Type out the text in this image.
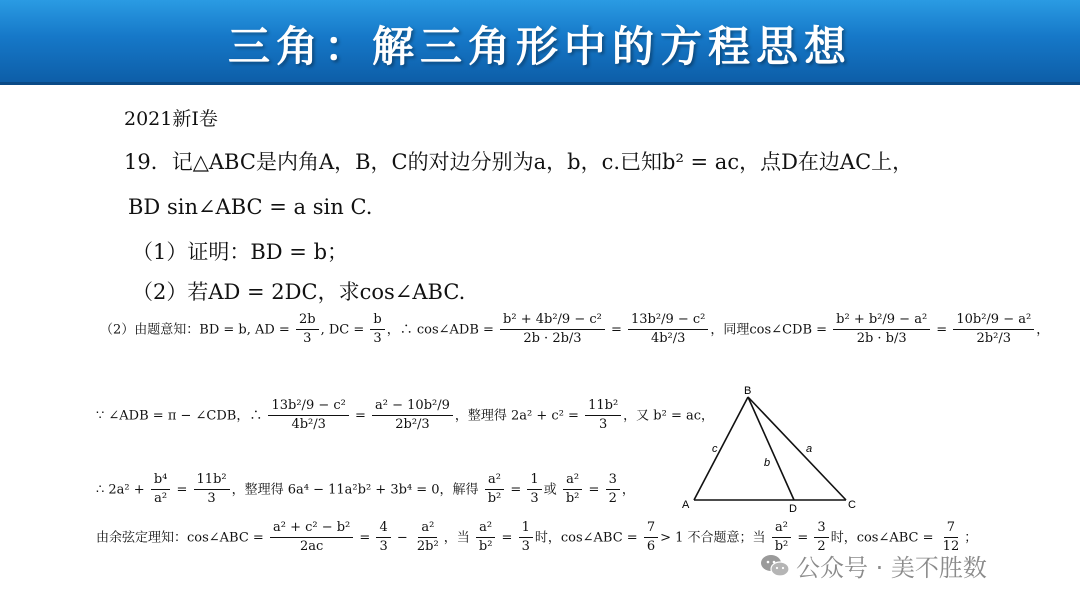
三角：解三角形中的方程思想
2021新Ⅰ卷
19．记△ABC是内角A，B，C的对边分别为a，b，c.已知b² = ac，点D在边AC上，
BD sin∠ABC = a sin C.
（1）证明：BD = b；
（2）若AD = 2DC，求cos∠ABC.
（2）由题意知：BD = b, AD = $\frac{2b}{3}$ , DC = $\frac{b}{3}$ ，∴ cos∠ADB = $\frac{\text{b² + 4b²/9 − c²}}{2b \cdot 2b/3} = \frac{\text{13b²/9 − c²}}{\text{4b²/3}}$ ，同理cos∠CDB = $\frac{\text{b² + b²/9 − a²}}{2b \cdot b/3} = \frac{\text{10b²/9 − a²}}{\text{2b²/3}}$ ，
∵ ∠ADB = π − ∠CDB，∴ $\frac{\text{13b²/9 − c²}}{\text{4b²/3}} = \frac{\text{a² − 10b²/9}}{\text{2b²/3}}$ ，整理得 $2a^2 + c^2 = \frac{\text{11b²}}{3}$ ，又 b² = ac，
∴ $2a^2 + \frac{\text{b⁴}}{\text{a²}} = \frac{\text{11b²}}{3}$ ，整理得 6a⁴ − 11a²b² + 3b⁴ = 0，解得 $\frac{\text{a²}}{\text{b²}} = \frac{1}{3}$ 或 $\frac{\text{a²}}{\text{b²}} = \frac{3}{2}$ ，
由余弦定理知：cos∠ABC = $\frac{\text{a² + c² − b²}}{2ac} = \frac{4}{3} - \frac{\text{a²}}{\text{2b²}}$ ，当 $\frac{\text{a²}}{\text{b²}} = \frac{1}{3}$ 时，cos∠ABC = $\frac{7}{6} > 1$ 不合题意；当 $\frac{\text{a²}}{\text{b²}} = \frac{3}{2}$ 时，cos∠ABC = $\frac{7}{12}$ ；
B
A	C
D
c
b
a
公众号 · 美不胜数
